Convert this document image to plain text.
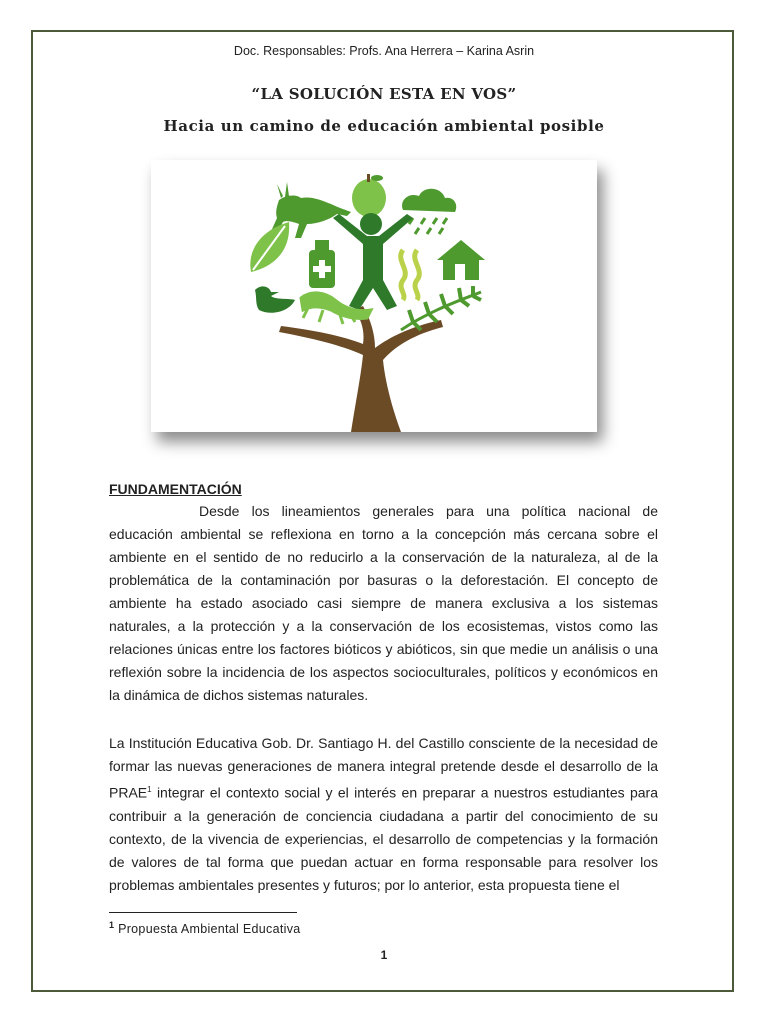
Doc. Responsables: Profs. Ana Herrera – Karina Asrin
“LA SOLUCIÓN ESTA EN VOS”
Hacia un camino de educación ambiental posible
FUNDAMENTACIÓN
Desde los lineamientos generales para una política nacional de educación ambiental se reflexiona en torno a la concepción más cercana sobre el ambiente en el sentido de no reducirlo a la conservación de la naturaleza, al de la problemática de la contaminación por basuras o la deforestación. El concepto de ambiente ha estado asociado casi siempre de manera exclusiva a los sistemas naturales, a la protección y a la conservación de los ecosistemas, vistos como las relaciones únicas entre los factores bióticos y abióticos, sin que medie un análisis o una reflexión sobre la incidencia de los aspectos socioculturales, políticos y económicos en la dinámica de dichos sistemas naturales.
La Institución Educativa Gob. Dr. Santiago H. del Castillo consciente de la necesidad de formar las nuevas generaciones de manera integral pretende desde el desarrollo de la PRAE$^1$ integrar el contexto social y el interés en preparar a nuestros estudiantes para contribuir a la generación de conciencia ciudadana a partir del conocimiento de su contexto, de la vivencia de experiencias, el desarrollo de competencias y la formación de valores de tal forma que puedan actuar en forma responsable para resolver los problemas ambientales presentes y futuros; por lo anterior, esta propuesta tiene el
$^1$ Propuesta Ambiental Educativa
1
